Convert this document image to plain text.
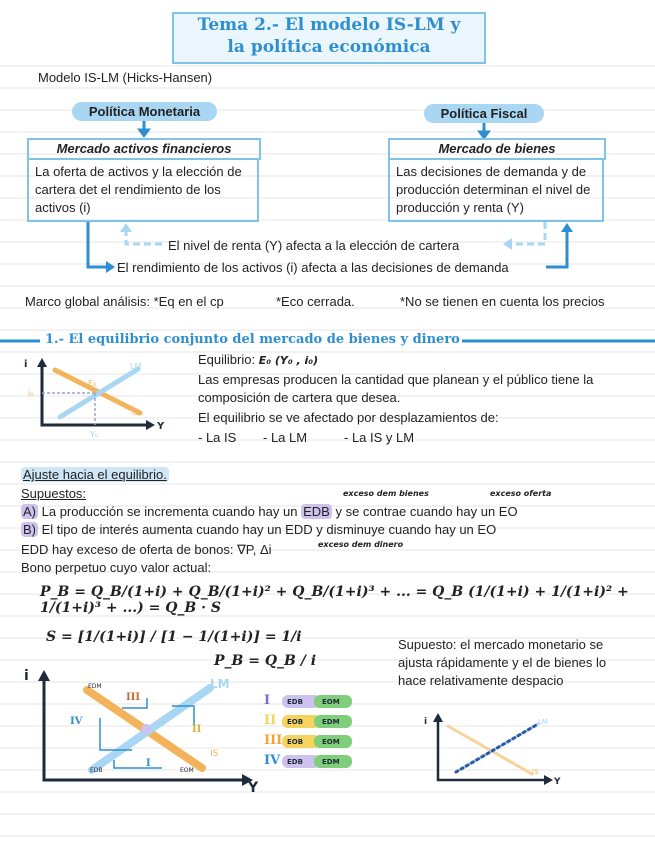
Tema 2.- El modelo IS-LM y
la política económica
Modelo IS-LM (Hicks-Hansen)
Política Monetaria	Política Fiscal
Mercado activos financieros
La oferta de activos y la elección de cartera det el rendimiento de los activos (i)
Mercado de bienes
Las decisiones de demanda y de producción determinan el nivel de producción y renta (Y)
El nivel de renta (Y) afecta a la elección de cartera
El rendimiento de los activos (i) afecta a las decisiones de demanda
Marco global análisis: *Eq en el cp	*Eco cerrada.	*No se tienen en cuenta los precios
1.- El equilibrio conjunto del mercado de bienes y dinero
i
Y
LM
IS
E₀
i₀
Y₀
Equilibrio: E₀ (Y₀ , i₀)
Las empresas producen la cantidad que planean y el público tiene la composición de cartera que desea.
El equilibrio se ve afectado por desplazamientos de:
- La IS - La LM	- La IS y LM
Ajuste hacia el equilibrio.
Supuestos:	exceso dem bienes	exceso oferta
A) La producción se incrementa cuando hay un EDB y se contrae cuando hay un EO
B) El tipo de interés aumenta cuando hay un EDD y disminuye cuando hay un EO
EDD hay exceso de oferta de bonos: ∇P, Δi	exceso dem dinero
Bono perpetuo cuyo valor actual:
P_B = Q_B/(1+i) + Q_B/(1+i)² + Q_B/(1+i)³ + ... = Q_B (1/(1+i) + 1/(1+i)² + 1/(1+i)³ + ...) = Q_B · S
S = [1/(1+i)] / [1 − 1/(1+i)] = 1/i
P_B = Q_B / i
i
Y
LM
IS
III
II
I
IV
EDM
EDB	EOM
I EDB	EOM
II EOB	EDM
III EOB	EOM
IV EDB	EDM
Supuesto: el mercado monetario se ajusta rápidamente y el de bienes lo hace relativamente despacio
i
Y
LM
IS
